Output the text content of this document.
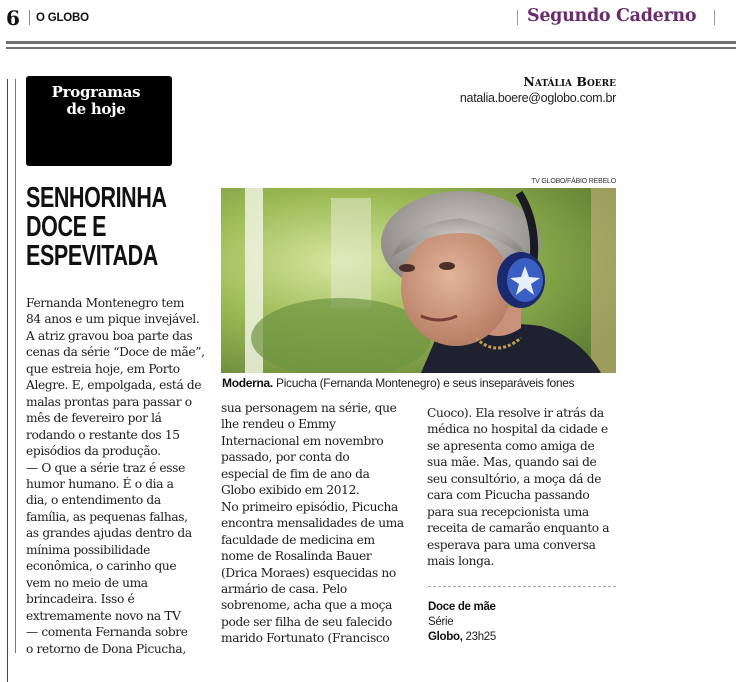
6 O GLOBO	Segundo Caderno
Programas
de hoje
Natália Boere
natalia.boere@oglobo.com.br
SENHORINHA
DOCE E
ESPEVITADA
TV GLOBO/FÁBIO REBELO
Moderna. Picucha (Fernanda Montenegro) e seus inseparáveis fones

Fernanda Montenegro tem

84 anos e um pique invejável.

A atriz gravou boa parte das

cenas da série “Doce de mãe”,

que estreia hoje, em Porto

Alegre. E, empolgada, está de

malas prontas para passar o

mês de fevereiro por lá

rodando o restante dos 15

episódios da produção.

— O que a série traz é esse

humor humano. É o dia a

dia, o entendimento da

família, as pequenas falhas,

as grandes ajudas dentro da

mínima possibilidade

econômica, o carinho que

vem no meio de uma

brincadeira. Isso é

extremamente novo na TV

— comenta Fernanda sobre

o retorno de Dona Picucha,

sua personagem na série, que

lhe rendeu o Emmy

Internacional em novembro

passado, por conta do

especial de fim de ano da

Globo exibido em 2012.

No primeiro episódio, Picucha

encontra mensalidades de uma

faculdade de medicina em

nome de Rosalinda Bauer

(Drica Moraes) esquecidas no

armário de casa. Pelo

sobrenome, acha que a moça

pode ser filha de seu falecido

marido Fortunato (Francisco

Cuoco). Ela resolve ir atrás da

médica no hospital da cidade e

se apresenta como amiga de

sua mãe. Mas, quando sai de

seu consultório, a moça dá de

cara com Picucha passando

para sua recepcionista uma

receita de camarão enquanto a

esperava para uma conversa

mais longa.

Doce de mãe
Série
Globo, 23h25
